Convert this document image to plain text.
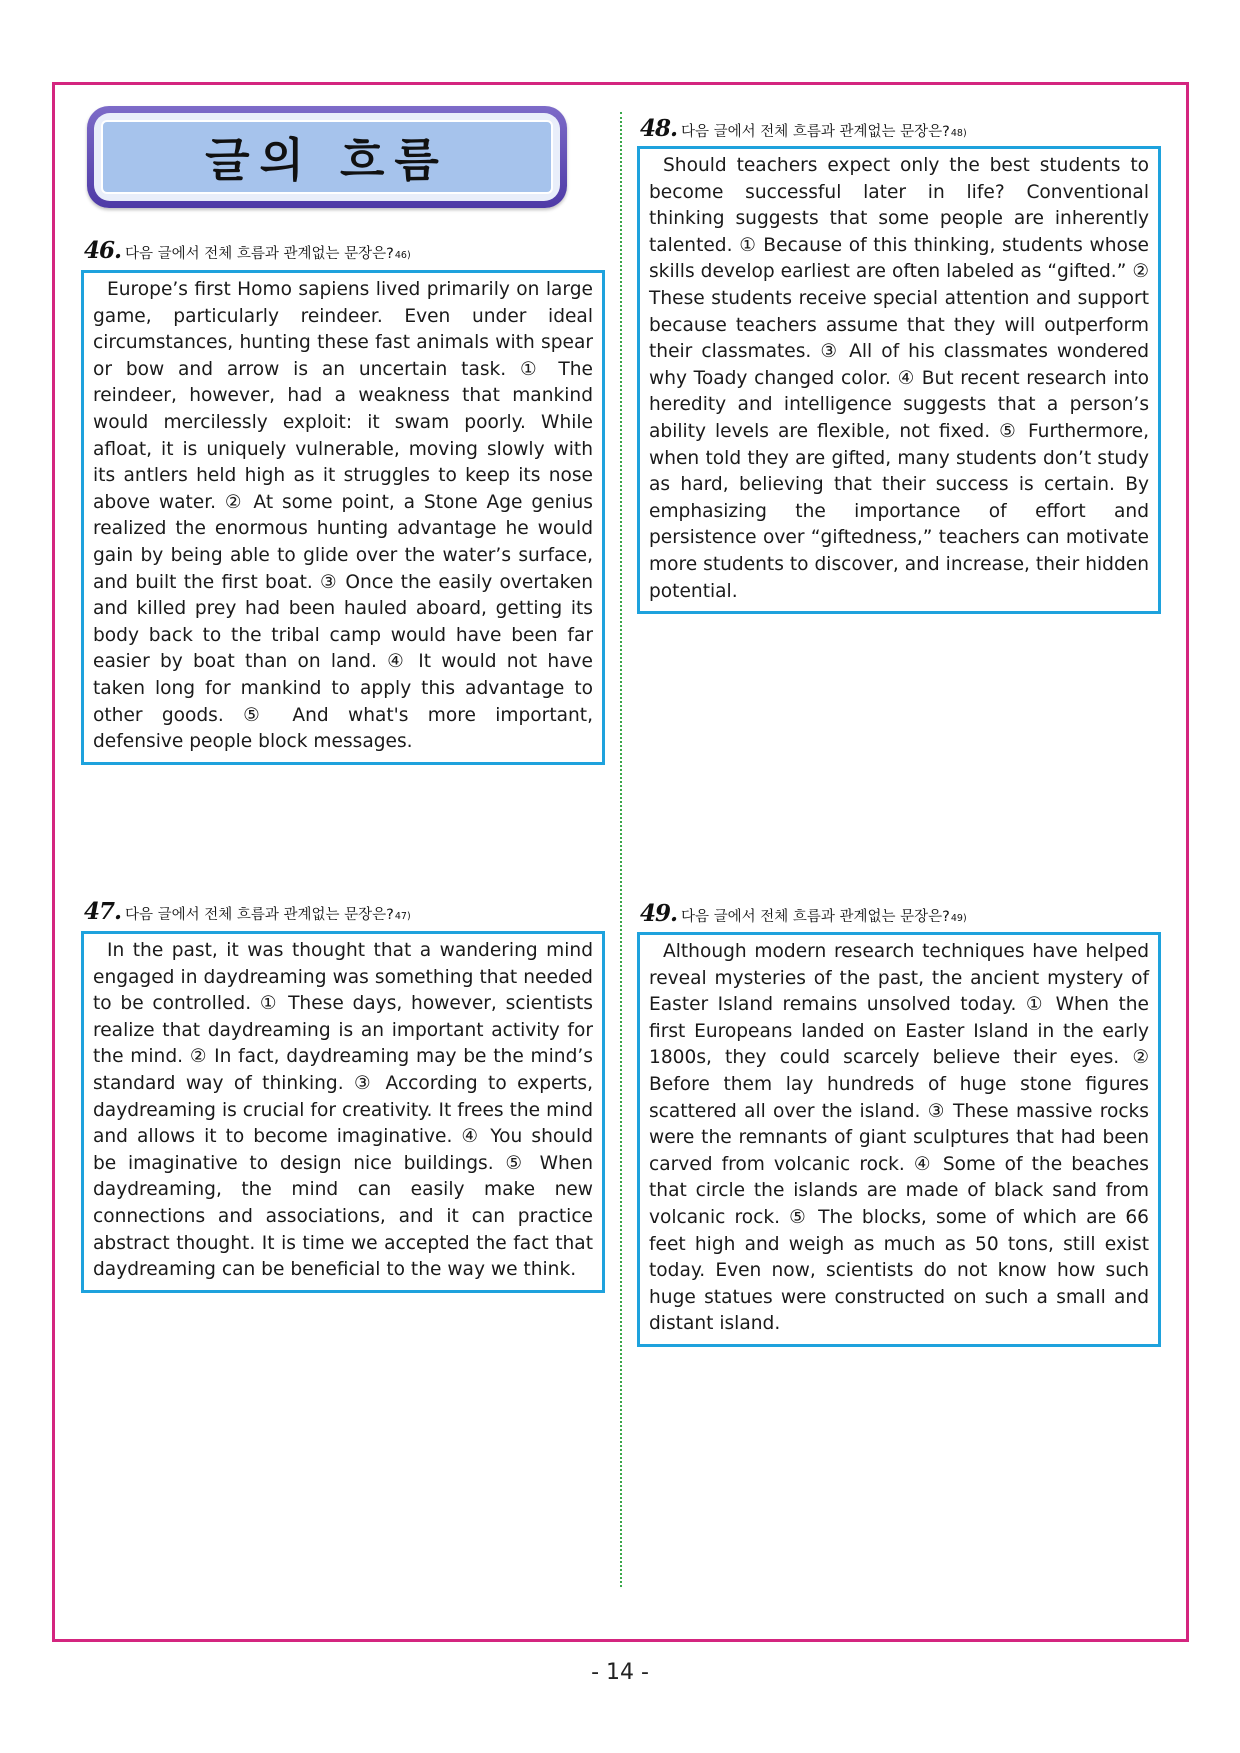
글의 흐름
46. 다음 글에서 전체 흐름과 관계없는 문장은? 46)
Europe’s first Homo sapiens lived primarily on large game, particularly reindeer. Even under ideal circumstances, hunting these fast animals with spear or bow and arrow is an uncertain task. ① The reindeer, however, had a weakness that mankind would mercilessly exploit: it swam poorly. While afloat, it is uniquely vulnerable, moving slowly with its antlers held high as it struggles to keep its nose above water. ② At some point, a Stone Age genius realized the enormous hunting advantage he would gain by being able to glide over the water’s surface, and built the first boat. ③ Once the easily overtaken and killed prey had been hauled aboard, getting its body back to the tribal camp would have been far easier by boat than on land. ④ It would not have taken long for mankind to apply this advantage to other goods. ⑤ And what's more important, defensive people block messages.
47. 다음 글에서 전체 흐름과 관계없는 문장은? 47)
In the past, it was thought that a wandering mind engaged in daydreaming was something that needed to be controlled. ① These days, however, scientists realize that daydreaming is an important activity for the mind. ② In fact, daydreaming may be the mind’s standard way of thinking. ③ According to experts, daydreaming is crucial for creativity. It frees the mind and allows it to become imaginative. ④ You should be imaginative to design nice buildings. ⑤ When daydreaming, the mind can easily make new connections and associations, and it can practice abstract thought. It is time we accepted the fact that daydreaming can be beneficial to the way we think.
48. 다음 글에서 전체 흐름과 관계없는 문장은? 48)
Should teachers expect only the best students to become successful later in life? Conventional thinking suggests that some people are inherently talented. ① Because of this thinking, students whose skills develop earliest are often labeled as “gifted.” ② These students receive special attention and support because teachers assume that they will outperform their classmates. ③ All of his classmates wondered why Toady changed color. ④ But recent research into heredity and intelligence suggests that a person’s ability levels are flexible, not fixed. ⑤ Furthermore, when told they are gifted, many students don’t study as hard, believing that their success is certain. By emphasizing the importance of effort and persistence over “giftedness,” teachers can motivate more students to discover, and increase, their hidden potential.
49. 다음 글에서 전체 흐름과 관계없는 문장은? 49)
Although modern research techniques have helped reveal mysteries of the past, the ancient mystery of Easter Island remains unsolved today. ① When the first Europeans landed on Easter Island in the early 1800s, they could scarcely believe their eyes. ② Before them lay hundreds of huge stone figures scattered all over the island. ③ These massive rocks were the remnants of giant sculptures that had been carved from volcanic rock. ④ Some of the beaches that circle the islands are made of black sand from volcanic rock. ⑤ The blocks, some of which are 66 feet high and weigh as much as 50 tons, still exist today. Even now, scientists do not know how such huge statues were constructed on such a small and distant island.
- 14 -
